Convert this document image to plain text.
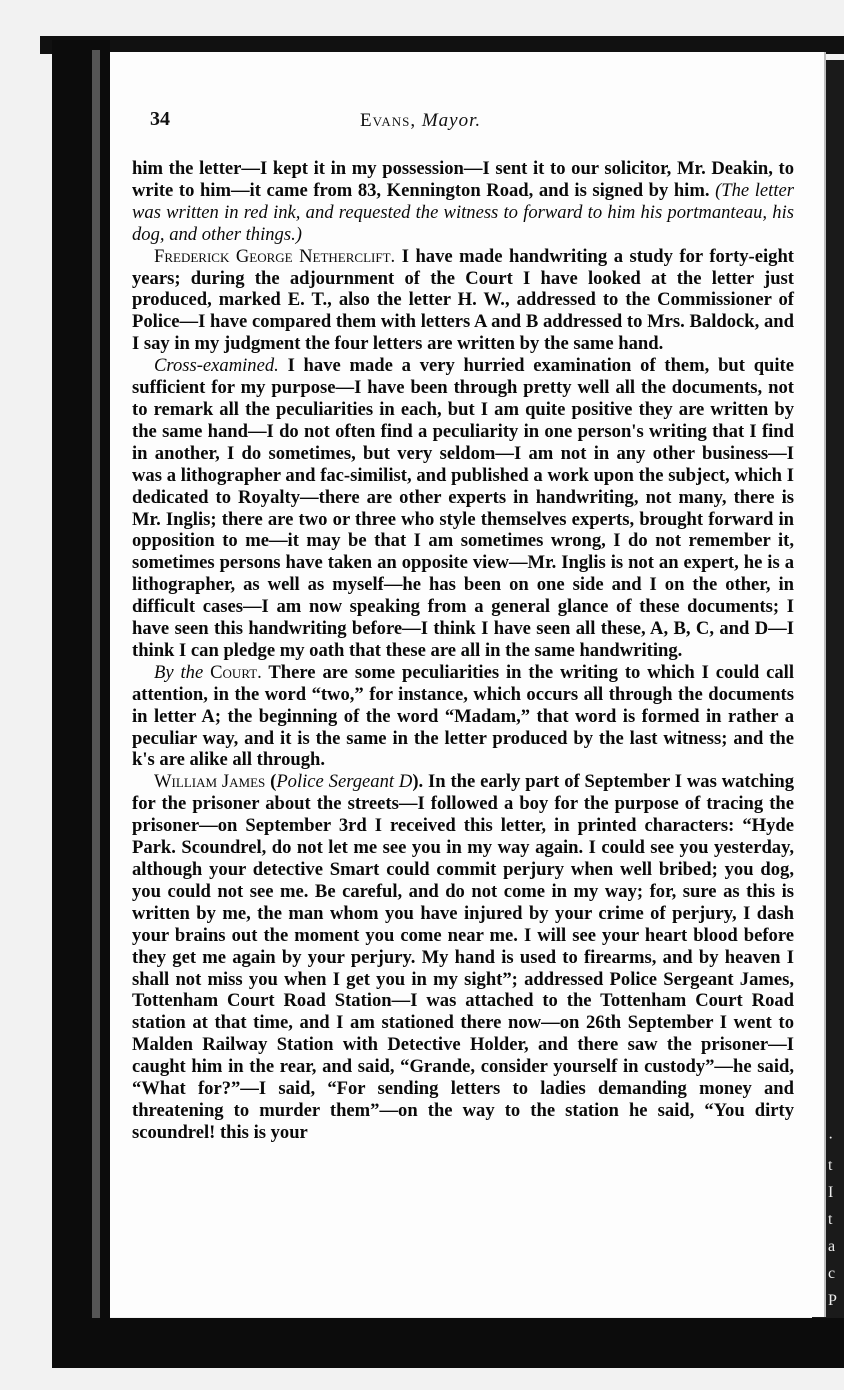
·
t
I
t
a
c
P
34	Evans, Mayor.

him the letter—I kept it in my possession—I sent it to our solicitor, Mr. Deakin, to write to him—it came from 83, Kennington Road, and is signed by him. (The letter was written in red ink, and requested the witness to forward to him his portmanteau, his dog, and other things.)

Frederick George Netherclift. I have made handwriting a study for forty-eight years; during the adjournment of the Court I have looked at the letter just produced, marked E. T., also the letter H. W., addressed to the Commissioner of Police—I have compared them with letters A and B addressed to Mrs. Baldock, and I say in my judgment the four letters are written by the same hand.

Cross-examined. I have made a very hurried examination of them, but quite sufficient for my purpose—I have been through pretty well all the documents, not to remark all the peculiarities in each, but I am quite positive they are written by the same hand—I do not often find a peculiarity in one person's writing that I find in another, I do sometimes, but very seldom—I am not in any other business—I was a lithographer and fac-similist, and published a work upon the subject, which I dedicated to Royalty—there are other experts in handwriting, not many, there is Mr. Inglis; there are two or three who style themselves experts, brought forward in opposition to me—it may be that I am sometimes wrong, I do not remember it, sometimes persons have taken an opposite view—Mr. Inglis is not an expert, he is a lithographer, as well as myself—he has been on one side and I on the other, in difficult cases—I am now speaking from a general glance of these documents; I have seen this handwriting before—I think I have seen all these, A, B, C, and D—I think I can pledge my oath that these are all in the same handwriting.

By the Court. There are some peculiarities in the writing to which I could call attention, in the word “two,” for instance, which occurs all through the documents in letter A; the beginning of the word “Madam,” that word is formed in rather a peculiar way, and it is the same in the letter produced by the last witness; and the k's are alike all through.

William James (Police Sergeant D). In the early part of September I was watching for the prisoner about the streets—I followed a boy for the purpose of tracing the prisoner—on September 3rd I received this letter, in printed characters: “Hyde Park. Scoundrel, do not let me see you in my way again. I could see you yesterday, although your detective Smart could commit perjury when well bribed; you dog, you could not see me. Be careful, and do not come in my way; for, sure as this is written by me, the man whom you have injured by your crime of perjury, I dash your brains out the moment you come near me. I will see your heart blood before they get me again by your perjury. My hand is used to firearms, and by heaven I shall not miss you when I get you in my sight”; addressed Police Sergeant James, Tottenham Court Road Station—I was attached to the Tottenham Court Road station at that time, and I am stationed there now—on 26th September I went to Malden Railway Station with Detective Holder, and there saw the prisoner—I caught him in the rear, and said, “Grande, consider yourself in custody”—he said, “What for?”—I said, “For sending letters to ladies demanding money and threatening to murder them”—on the way to the station he said, “You dirty scoundrel! this is your
